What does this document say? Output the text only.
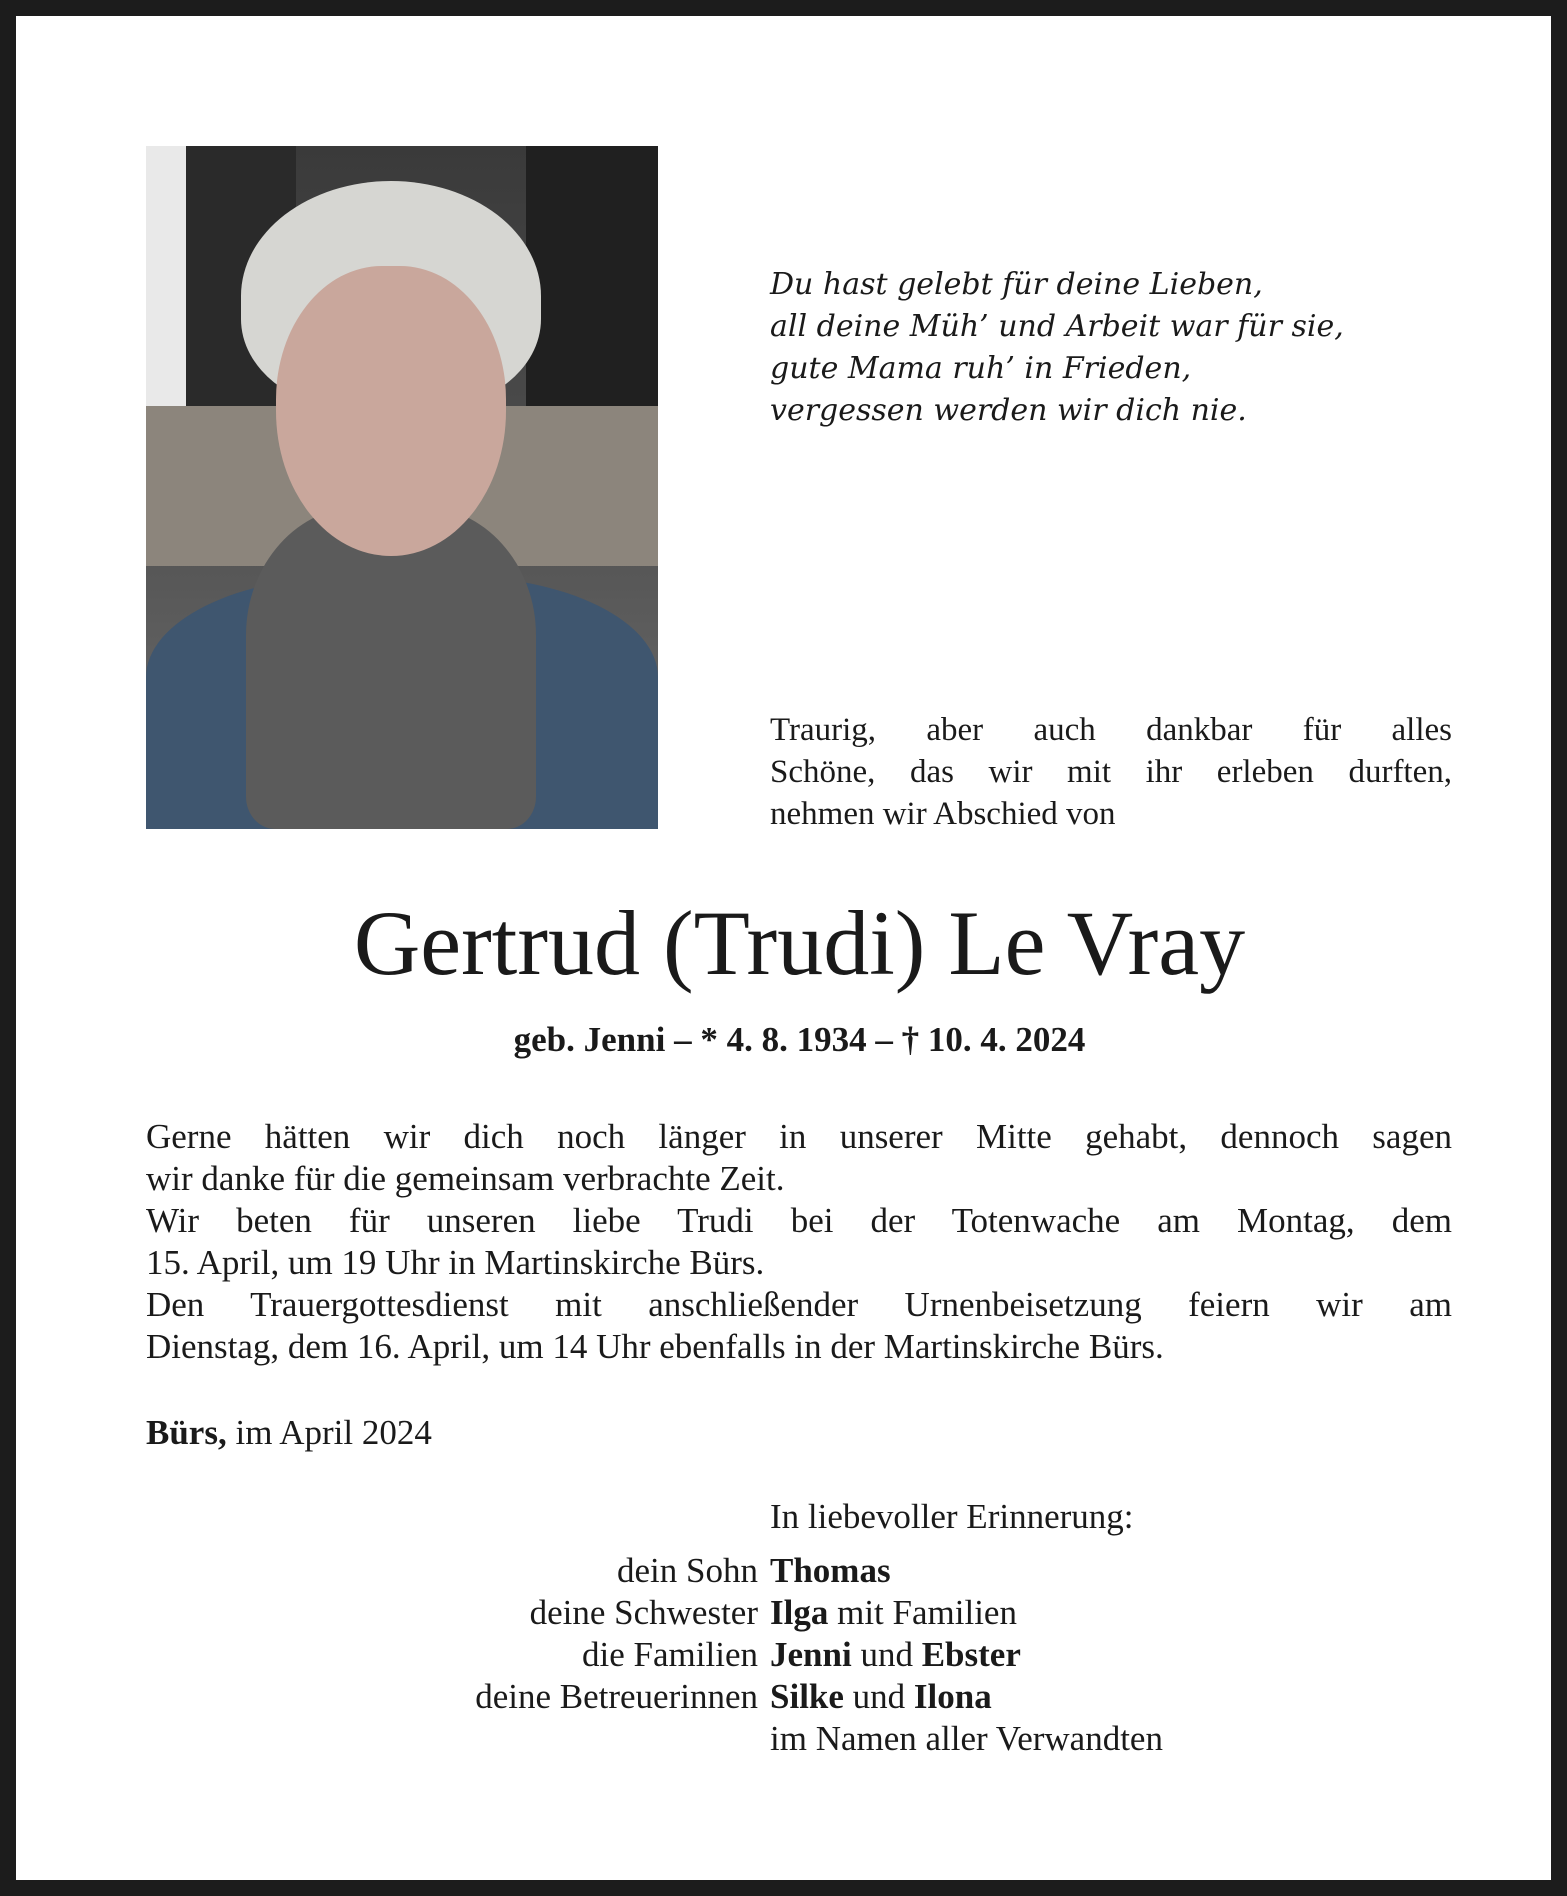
Du hast gelebt für deine Lieben,
all deine Müh’ und Arbeit war für sie,
gute Mama ruh’ in Frieden,
vergessen werden wir dich nie.
Traurig, aber auch dankbar für alles
Schöne, das wir mit ihr erleben durften,
nehmen wir Abschied von
Gertrud (Trudi) Le Vray
geb. Jenni – * 4. 8. 1934 – † 10. 4. 2024
Gerne hätten wir dich noch länger in unserer Mitte gehabt, dennoch sagen
wir danke für die gemeinsam verbrachte Zeit.
Wir beten für unseren liebe Trudi bei der Totenwache am Montag, dem
15. April, um 19 Uhr in Martinskirche Bürs.
Den Trauergottesdienst mit anschließender Urnenbeisetzung feiern wir am
Dienstag, dem 16. April, um 14 Uhr ebenfalls in der Martinskirche Bürs.
Bürs, im April 2024
In liebevoller Erinnerung:
dein Sohn Thomas
deine Schwester Ilga mit Familien
die Familien Jenni und Ebster
deine Betreuerinnen Silke und Ilona
im Namen aller Verwandten
